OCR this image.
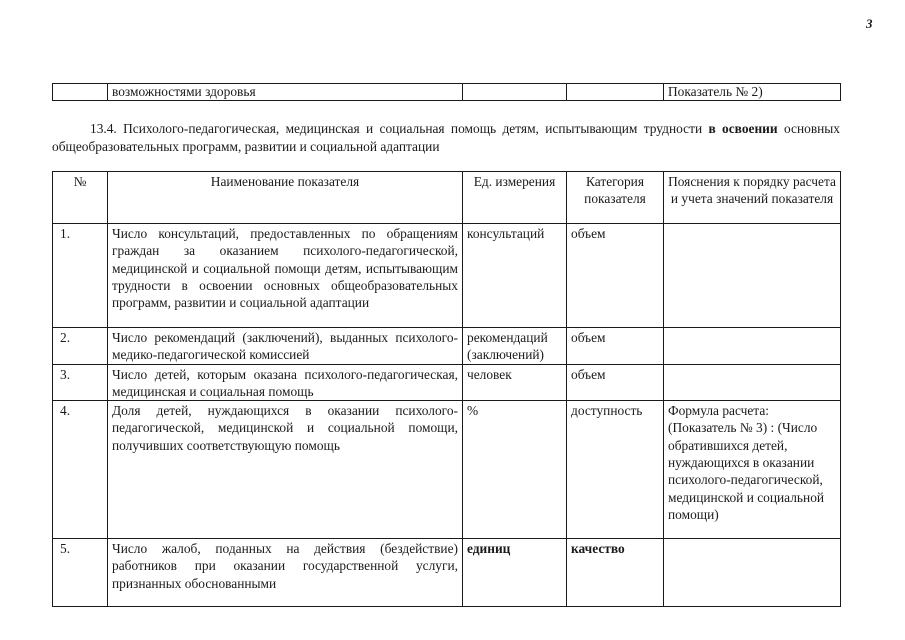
3
	возможностями здоровья			Показатель № 2)
13.4. Психолого-педагогическая, медицинская и социальная помощь детям, испытывающим трудности в освоении основных общеобразовательных программ, развитии и социальной адаптации
№	Наименование показателя	Ед. измерения	Категория показателя	Пояснения к порядку расчета и учета значений показателя
1.	Число консультаций, предоставленных по обращениям граждан за оказанием психолого-педагогической, медицинской и социальной помощи детям, испытывающим трудности в освоении основных общеобразовательных программ, развитии и социальной адаптации	консультаций	объем	
2.	Число рекомендаций (заключений), выданных психолого-медико-педагогической комиссией	рекомендаций (заключений)	объем	
3.	Число детей, которым оказана психолого-педагогическая, медицинская и социальная помощь	человек	объем	
4.	Доля детей, нуждающихся в оказании психолого-педагогической, медицинской и социальной помощи, получивших соответствующую помощь	%	доступность	Формула расчета: (Показатель № 3) : (Число обратившихся детей, нуждающихся в оказании психолого-педагогической, медицинской и социальной помощи)
5.	Число жалоб, поданных на действия (бездействие) работников при оказании государственной услуги, признанных обоснованными	единиц	качество	
